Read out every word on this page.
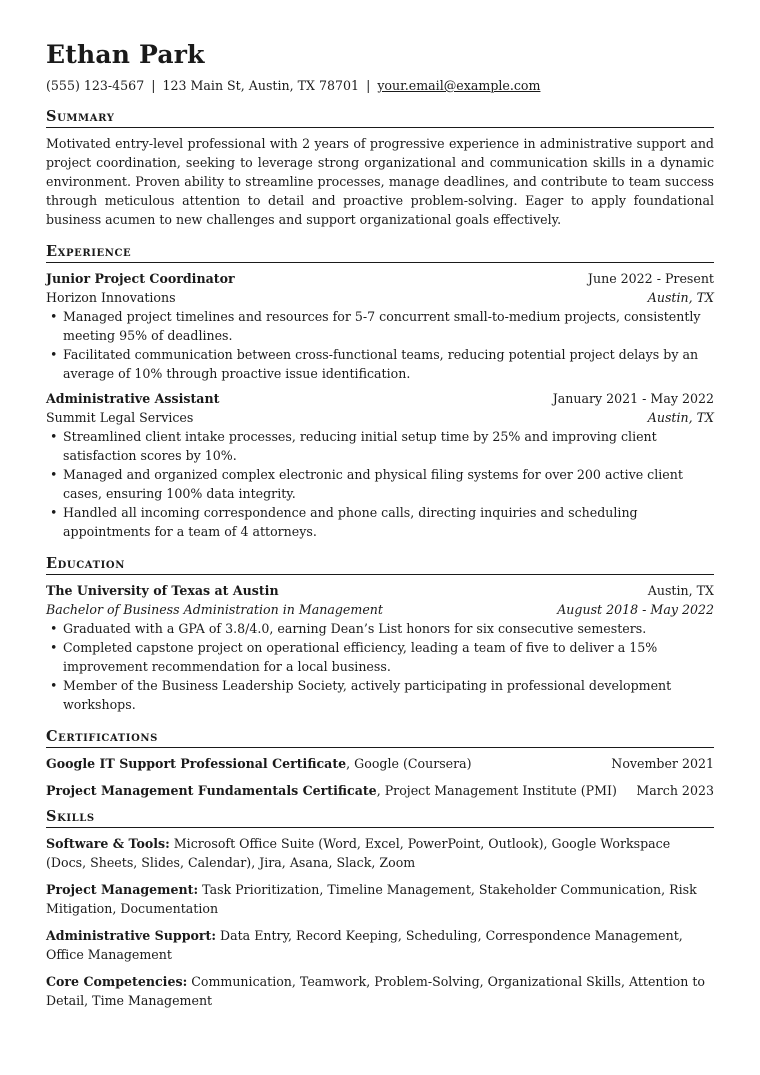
Ethan Park
(555) 123-4567 | 123 Main St, Austin, TX 78701 | your.email@example.com
Summary
Motivated entry-level professional with 2 years of progressive experience in administrative support and project coordination, seeking to leverage strong organizational and communication skills in a dynamic environment. Proven ability to streamline processes, manage deadlines, and contribute to team success through meticulous attention to detail and proactive problem-solving. Eager to apply foundational business acumen to new challenges and support organizational goals effectively.
Experience
Junior Project Coordinator	June 2022 - Present
Horizon Innovations	Austin, TX
• Managed project timelines and resources for 5-7 concurrent small-to-medium projects, consistently meeting 95% of deadlines.
• Facilitated communication between cross-functional teams, reducing potential project delays by an average of 10% through proactive issue identification.
Administrative Assistant	January 2021 - May 2022
Summit Legal Services	Austin, TX
• Streamlined client intake processes, reducing initial setup time by 25% and improving client satisfaction scores by 10%.
• Managed and organized complex electronic and physical filing systems for over 200 active client cases, ensuring 100% data integrity.
• Handled all incoming correspondence and phone calls, directing inquiries and scheduling appointments for a team of 4 attorneys.
Education
The University of Texas at Austin	Austin, TX
Bachelor of Business Administration in Management	August 2018 - May 2022
• Graduated with a GPA of 3.8/4.0, earning Dean’s List honors for six consecutive semesters.
• Completed capstone project on operational efficiency, leading a team of five to deliver a 15% improvement recommendation for a local business.
• Member of the Business Leadership Society, actively participating in professional development workshops.
Certifications
Google IT Support Professional Certificate, Google (Coursera)	November 2021
Project Management Fundamentals Certificate, Project Management Institute (PMI) March 2023
Skills
Software & Tools: Microsoft Office Suite (Word, Excel, PowerPoint, Outlook), Google Workspace (Docs, Sheets, Slides, Calendar), Jira, Asana, Slack, Zoom
Project Management: Task Prioritization, Timeline Management, Stakeholder Communication, Risk Mitigation, Documentation
Administrative Support: Data Entry, Record Keeping, Scheduling, Correspondence Management, Office Management
Core Competencies: Communication, Teamwork, Problem-Solving, Organizational Skills, Attention to Detail, Time Management
